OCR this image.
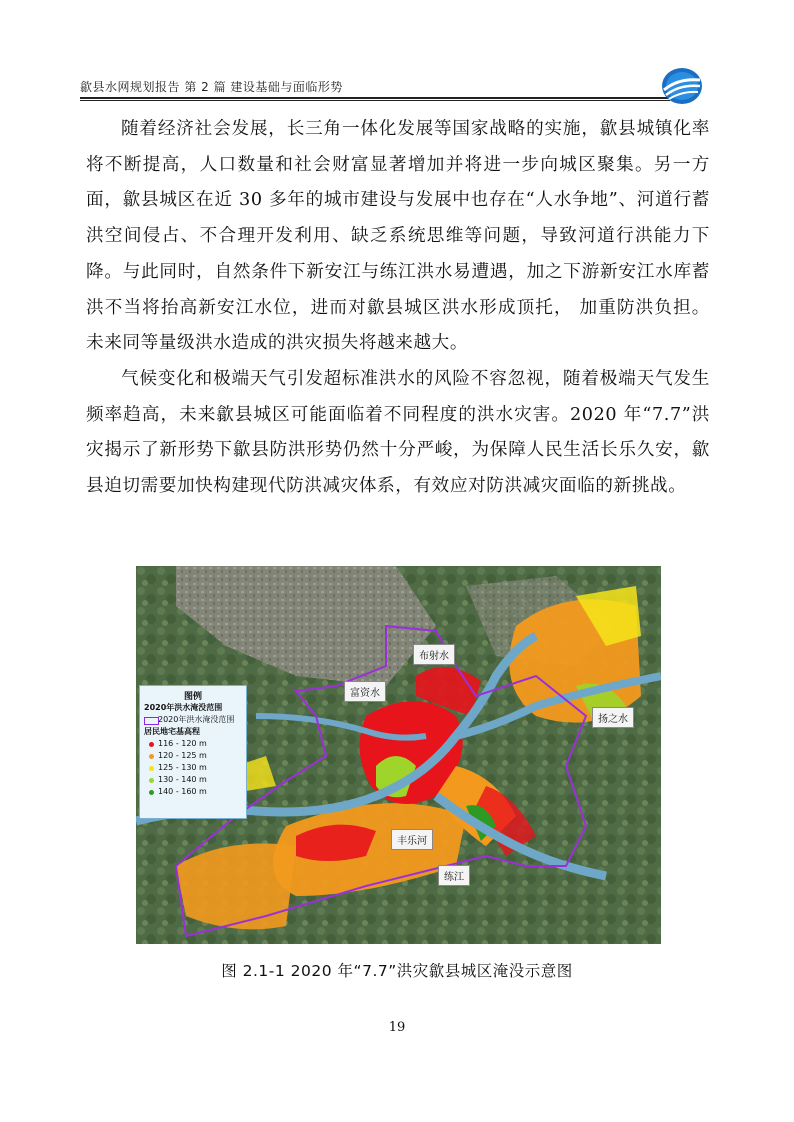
歙县水网规划报告 第 2 篇 建设基础与面临形势

随着经济社会发展，长三角一体化发展等国家战略的实施，歙县城镇化率将不断提高，人口数量和社会财富显著增加并将进一步向城区聚集。另一方面，歙县城区在近 30 多年的城市建设与发展中也存在“人水争地”、河道行蓄洪空间侵占、不合理开发利用、缺乏系统思维等问题，导致河道行洪能力下降。与此同时，自然条件下新安江与练江洪水易遭遇，加之下游新安江水库蓄洪不当将抬高新安江水位，进而对歙县城区洪水形成顶托， 加重防洪负担。未来同等量级洪水造成的洪灾损失将越来越大。

气候变化和极端天气引发超标准洪水的风险不容忽视，随着极端天气发生频率趋高，未来歙县城区可能面临着不同程度的洪水灾害。2020 年“7.7”洪灾揭示了新形势下歙县防洪形势仍然十分严峻，为保障人民生活长乐久安，歙县迫切需要加快构建现代防洪减灾体系，有效应对防洪减灾面临的新挑战。

布射水
富资水
扬之水
丰乐河
练江
图例
2020年洪水淹没范围
2020年洪水淹没范围
居民地宅基高程
116 - 120 m
120 - 125 m
125 - 130 m
130 - 140 m
140 - 160 m
图 2.1-1 2020 年“7.7”洪灾歙县城区淹没示意图
19
